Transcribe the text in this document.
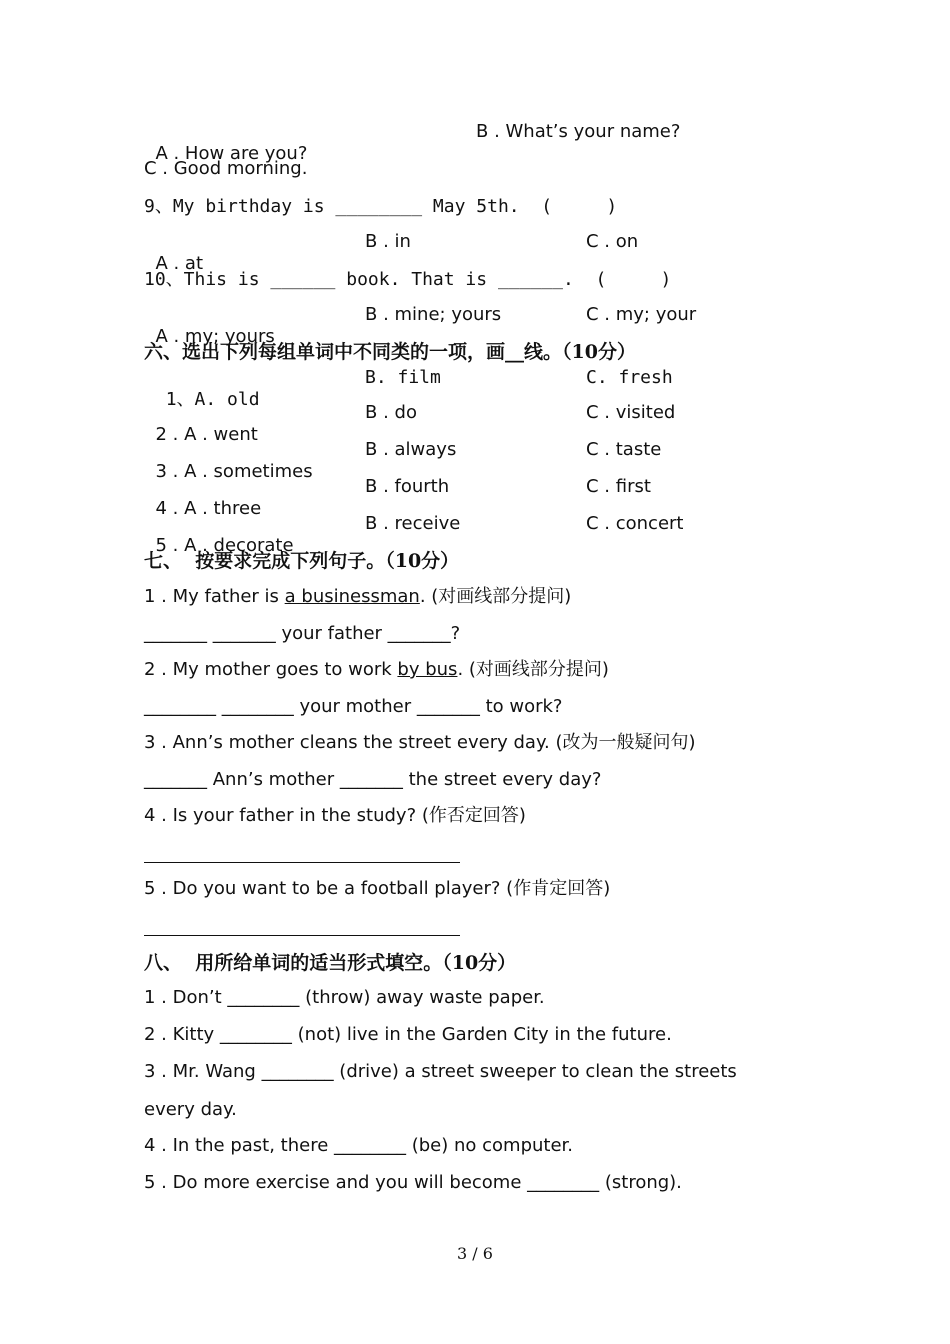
A . How are you?

B . What’s your name?

C . Good morning.
9、My birthday is ________ May 5th.  (     )

A . at

B . in

	C . on

10、This is ______ book. That is ______.  (     )

A . my; yours

B . mine; yours

	C . my; your

六、选出下列每组单词中不同类的一项，画__线。（10分）

1、A. old

B. film

	C. fresh

2 . A . went

B . do

	C . visited

3 . A . sometimes

B . always

	C . taste

4 . A . three

B . fourth

	C . first

5 . A . decorate

B . receive

	C . concert

七、  按要求完成下列句子。（10分）
1 . My father is a businessman. (对画线部分提问)
_______ _______ your father _______?
2 . My mother goes to work by bus. (对画线部分提问)
________ ________ your mother _______ to work?
3 . Ann’s mother cleans the street every day. (改为一般疑问句)
_______ Ann’s mother _______ the street every day?
4 . Is your father in the study? (作否定回答)
5 . Do you want to be a football player? (作肯定回答)
八、  用所给单词的适当形式填空。（10分）
1 . Don’t ________ (throw) away waste paper.
2 . Kitty ________ (not) live in the Garden City in the future.
3 . Mr. Wang ________ (drive) a street sweeper to clean the streets
every day.
4 . In the past, there ________ (be) no computer.
5 . Do more exercise and you will become ________ (strong).
3 / 6
